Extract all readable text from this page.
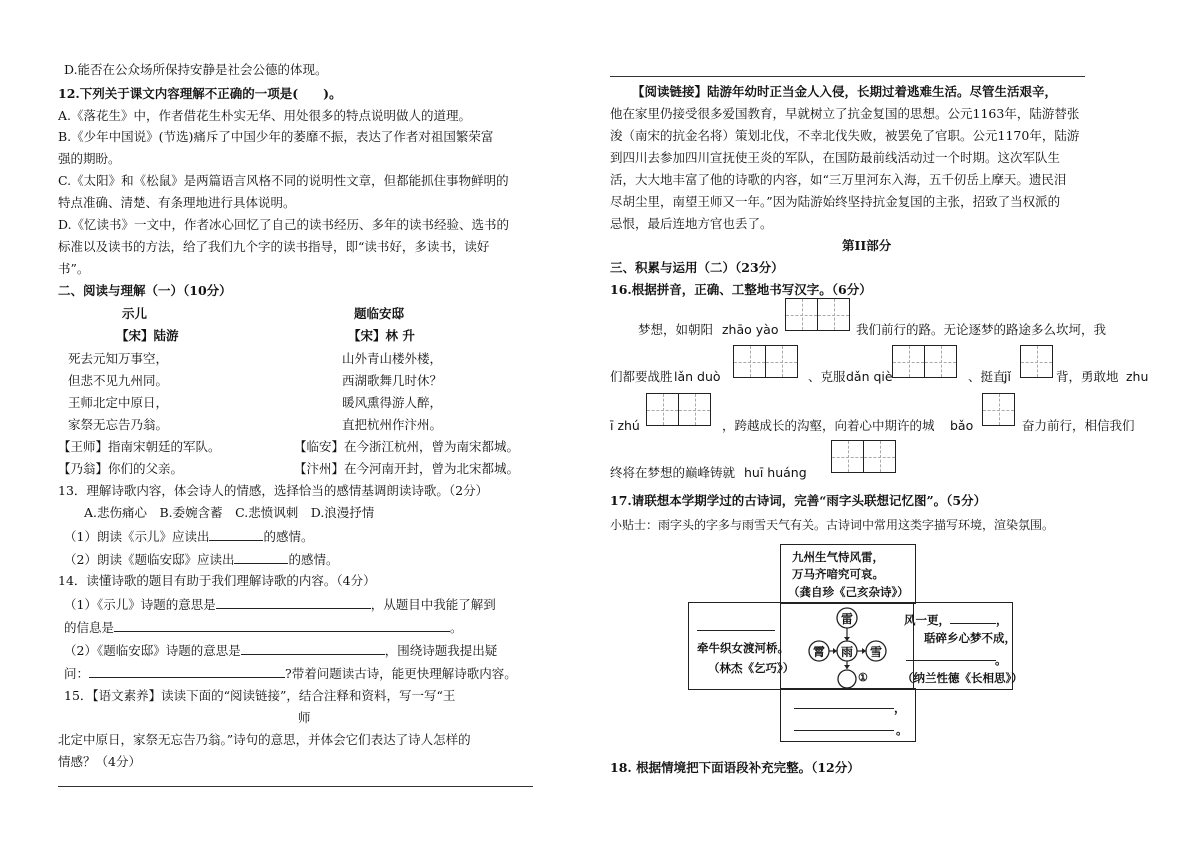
D.能否在公众场所保持安静是社会公德的体现。
12.下列关于课文内容理解不正确的一项是(　　)。
A.《落花生》中，作者借花生朴实无华、用处很多的特点说明做人的道理。
B.《少年中国说》(节选)痛斥了中国少年的萎靡不振，表达了作者对祖国繁荣富
强的期盼。
C.《太阳》和《松鼠》是两篇语言风格不同的说明性文章，但都能抓住事物鲜明的
特点准确、清楚、有条理地进行具体说明。
D.《忆读书》一文中，作者冰心回忆了自己的读书经历、多年的读书经验、选书的
标准以及读书的方法，给了我们九个字的读书指导，即“读书好，多读书，读好
书”。
二、阅读与理解（一）（10分）
示儿
【宋】陆游
死去元知万事空，
但悲不见九州同。
王师北定中原日，
家祭无忘告乃翁。
题临安邸
【宋】林 升
山外青山楼外楼，
西湖歌舞几时休？
暖风熏得游人醉，
直把杭州作汴州。
【王师】指南宋朝廷的军队。	【临安】在今浙江杭州，曾为南宋都城。
【乃翁】你们的父亲。	【汴州】在今河南开封，曾为北宋都城。
13．理解诗歌内容，体会诗人的情感，选择恰当的感情基调朗读诗歌。（2分）
A.悲伤痛心　B.委婉含蓄　C.悲愤讽刺　D.浪漫抒情
（1）朗读《示儿》应读出	的感情。
（2）朗读《题临安邸》应读出	的感情。
14．读懂诗歌的题目有助于我们理解诗歌的内容。（4分）
（1）《示儿》诗题的意思是	，从题目中我能了解到
的信息是	。
（2）《题临安邸》诗题的意思是	，围绕诗题我提出疑
问：	?带着问题读古诗，能更快理解诗歌内容。
15．【语文素养】读读下面的“阅读链接”，结合注释和资料，写一写“王
师
北定中原日，家祭无忘告乃翁。”诗句的意思，并体会它们表达了诗人怎样的
情感？（4分）
【阅读链接】陆游年幼时正当金人入侵，长期过着逃难生活。尽管生活艰辛，
他在家里仍接受很多爱国教育，早就树立了抗金复国的思想。公元1163年，陆游替张
浚（南宋的抗金名将）策划北伐，不幸北伐失败，被罢免了官职。公元1170年，陆游
到四川去参加四川宣抚使王炎的军队，在国防最前线活动过一个时期。这次军队生
活，大大地丰富了他的诗歌的内容，如“三万里河东入海，五千仞岳上摩天。遗民泪
尽胡尘里，南望王师又一年。”因为陆游始终坚持抗金复国的主张，招致了当权派的
忌恨，最后连地方官也丢了。
第II部分
三、积累与运用（二）（23分）
16.根据拼音，正确、工整地书写汉字。（6分）
梦想，如朝阳 zhāo yào	我们前行的路。无论逐梦的路途多么坎坷，我
们都要战胜 lǎn duò	、克服 dǎn qiè	、挺直
jǐ	背，勇敢地 zhu
ī zhú	，跨越成长的沟壑，向着心中期许的城 bǎo	奋力前行，相信我们
终将在梦想的巅峰铸就 huī huáng
17.请联想本学期学过的古诗词，完善“雨字头联想记忆图”。（5分）
小贴士：雨字头的字多与雨雪天气有关。古诗词中常用这类字描写环境，渲染氛围。
18. 根据情境把下面语段补充完整。（12分）
九州生气恃风雷，
万马齐喑究可哀。
（龚自珍《己亥杂诗》）
牵牛织女渡河桥。
（林杰《乞巧》）
风一更，	，
聒碎乡心梦不成，
。
（纳兰性德《长相思》）
，
。
雷
雨
霄	雪
①
